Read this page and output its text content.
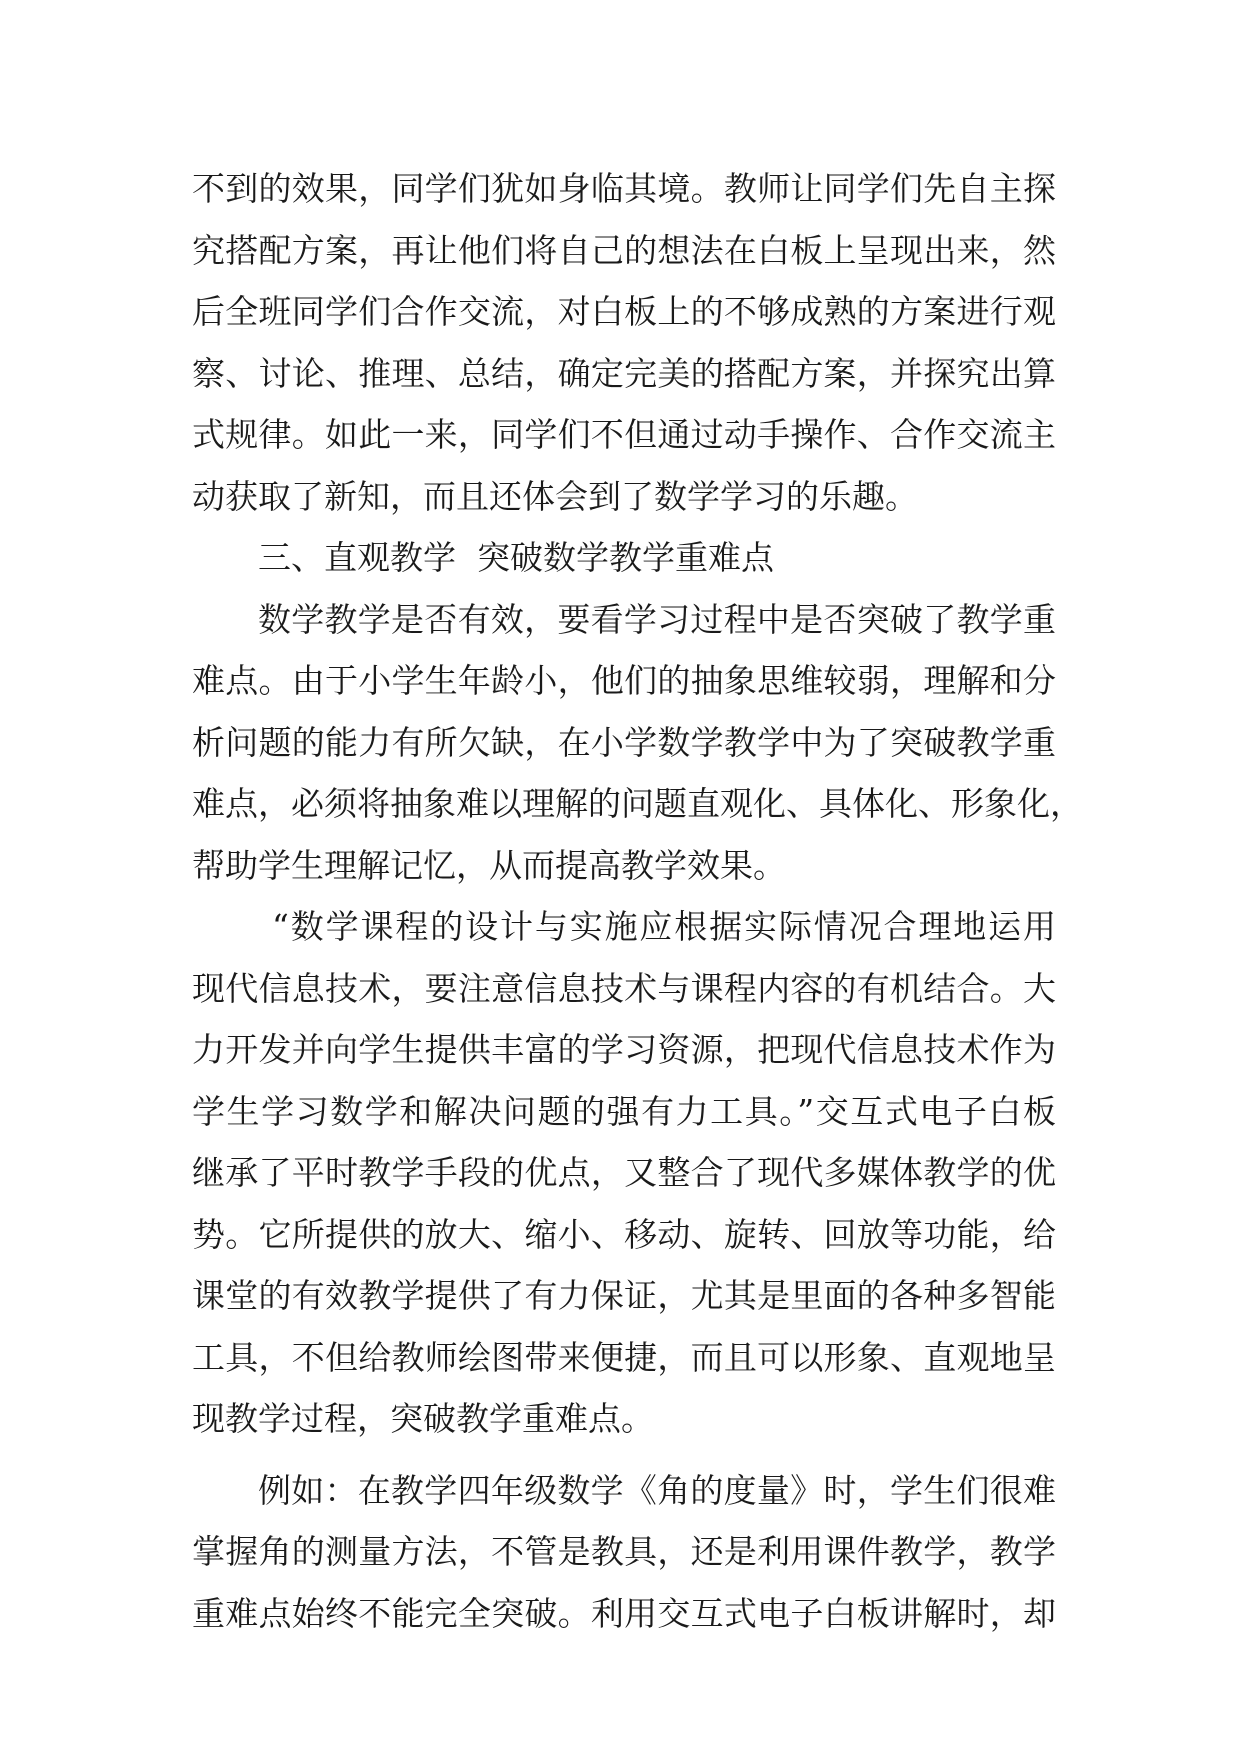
不到的效果，同学们犹如身临其境。教师让同学们先自主探
究搭配方案，再让他们将自己的想法在白板上呈现出来，然
后全班同学们合作交流，对白板上的不够成熟的方案进行观
察、讨论、推理、总结，确定完美的搭配方案，并探究出算
式规律。如此一来，同学们不但通过动手操作、合作交流主
动获取了新知，而且还体会到了数学学习的乐趣。
三、直观教学  突破数学教学重难点
数学教学是否有效，要看学习过程中是否突破了教学重
难点。由于小学生年龄小，他们的抽象思维较弱，理解和分
析问题的能力有所欠缺，在小学数学教学中为了突破教学重
难点，必须将抽象难以理解的问题直观化、具体化、形象化，
帮助学生理解记忆，从而提高教学效果。
“数学课程的设计与实施应根据实际情况合理地运用
现代信息技术，要注意信息技术与课程内容的有机结合。大
力开发并向学生提供丰富的学习资源，把现代信息技术作为
学生学习数学和解决问题的强有力工具。”交互式电子白板
继承了平时教学手段的优点，又整合了现代多媒体教学的优
势。它所提供的放大、缩小、移动、旋转、回放等功能，给
课堂的有效教学提供了有力保证，尤其是里面的各种多智能
工具，不但给教师绘图带来便捷，而且可以形象、直观地呈
现教学过程，突破教学重难点。
例如：在教学四年级数学《角的度量》时，学生们很难
掌握角的测量方法，不管是教具，还是利用课件教学，教学
重难点始终不能完全突破。利用交互式电子白板讲解时，却
